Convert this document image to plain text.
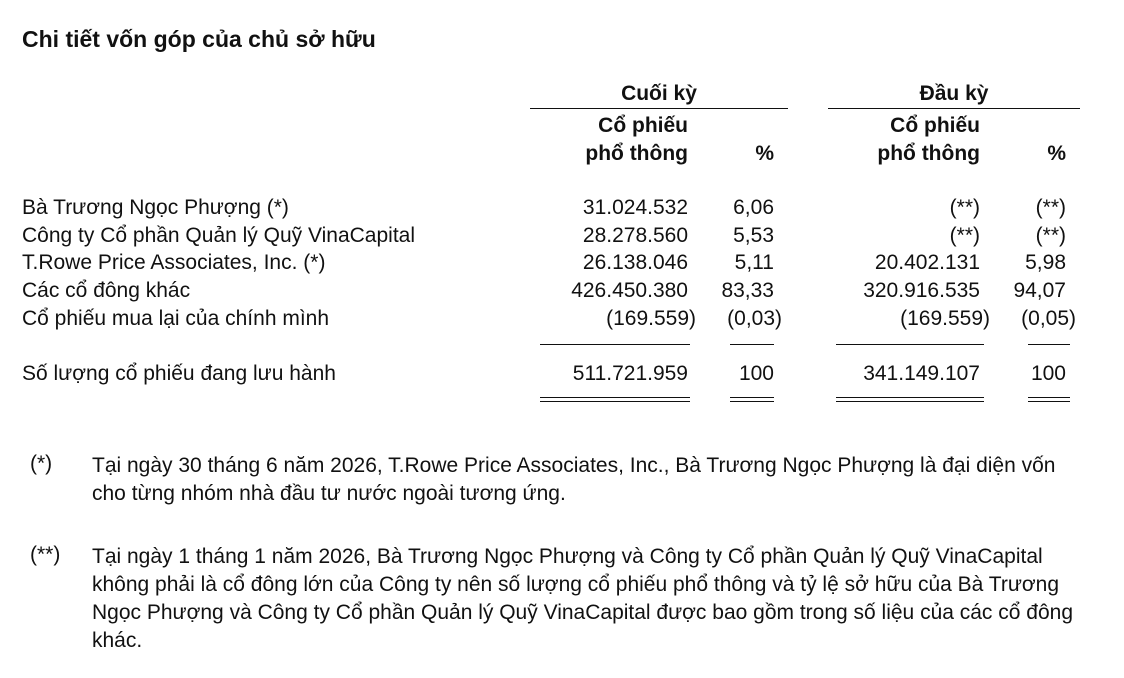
Chi tiết vốn góp của chủ sở hữu
Cuối kỳ	Đầu kỳ
Cổ phiếu
phổ thông	%
Cổ phiếu
phổ thông	%
Bà Trương Ngọc Phượng (*)	31.024.532	6,06	(**)	(**)
Công ty Cổ phần Quản lý Quỹ VinaCapital	28.278.560	5,53	(**)	(**)
T.Rowe Price Associates, Inc. (*)	26.138.046	5,11	20.402.131	5,98
Các cổ đông khác	426.450.380	83,33	320.916.535	94,07
Cổ phiếu mua lại của chính mình	(169.559)	(0,03)	(169.559)	(0,05)
Số lượng cổ phiếu đang lưu hành	511.721.959	100	341.149.107	100
(*) Tại ngày 30 tháng 6 năm 2026, T.Rowe Price Associates, Inc., Bà Trương Ngọc Phượng là đại diện vốn cho từng nhóm nhà đầu tư nước ngoài tương ứng.
(**) Tại ngày 1 tháng 1 năm 2026, Bà Trương Ngọc Phượng và Công ty Cổ phần Quản lý Quỹ VinaCapital không phải là cổ đông lớn của Công ty nên số lượng cổ phiếu phổ thông và tỷ lệ sở hữu của Bà Trương Ngọc Phượng và Công ty Cổ phần Quản lý Quỹ VinaCapital được bao gồm trong số liệu của các cổ đông khác.
